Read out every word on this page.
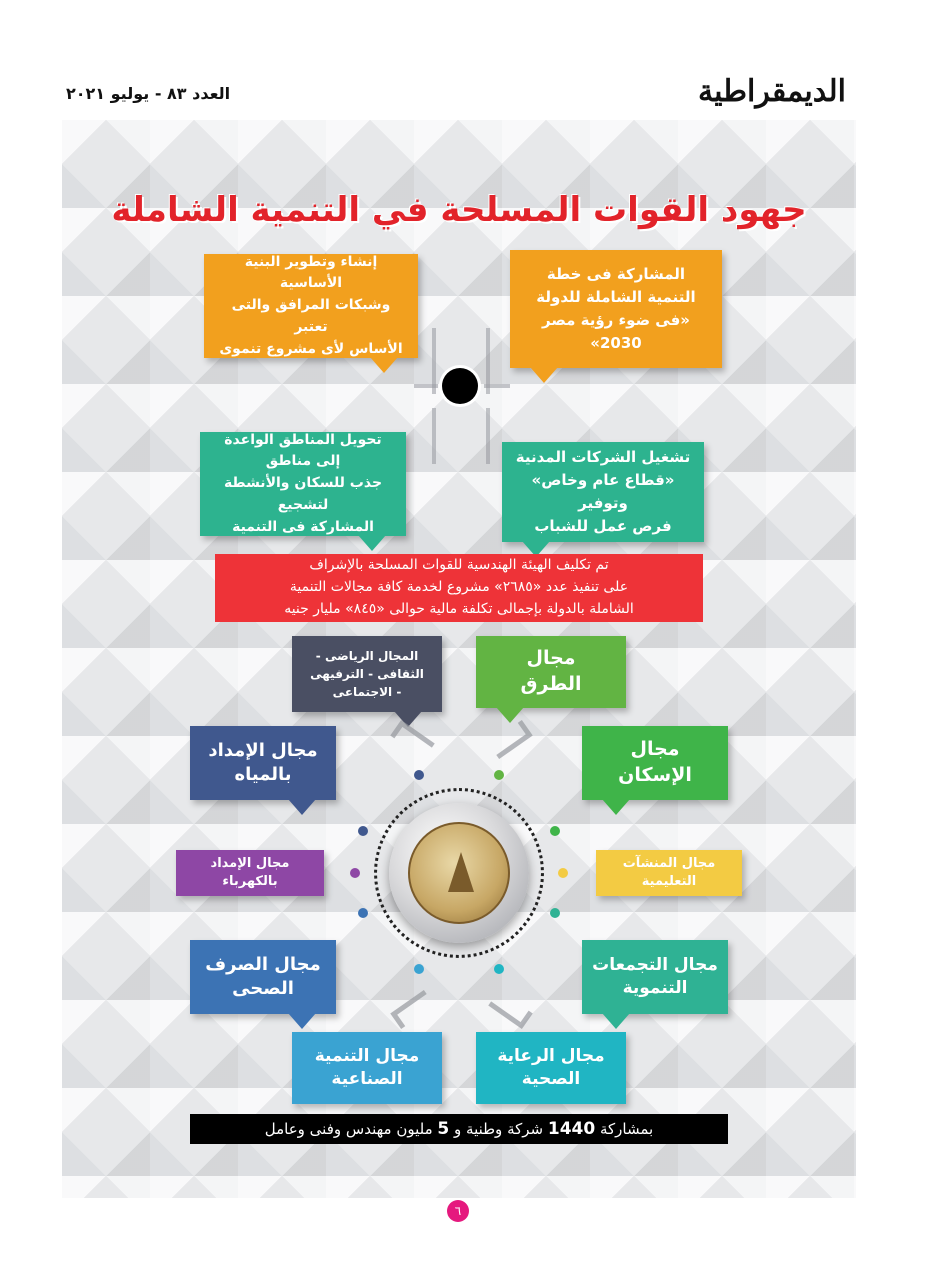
الديمقراطية
العدد ٨٣ - يوليو ٢٠٢١
جهود القوات المسلحة في التنمية الشاملة
إنشاء وتطوير البنية الأساسية
وشبكات المرافق والتى تعتبر
الأساس لأى مشروع تنموى
المشاركة فى خطة
التنمية الشاملة للدولة
«فى ضوء رؤية مصر 2030»
تحويل المناطق الواعدة إلى مناطق
جذب للسكان والأنشطة لتشجيع
المشاركة فى التنمية
تشغيل الشركات المدنية
«قطاع عام وخاص» وتوفير
فرص عمل للشباب
تم تكليف الهيئة الهندسية للقوات المسلحة بالإشراف
على تنفيذ عدد «٢٦٨٥» مشروع لخدمة كافة مجالات التنمية
الشاملة بالدولة بإجمالى تكلفة مالية حوالى «٨٤٥» مليار جنيه
المجال الرياضى -
الثقافى - الترفيهى
- الاجتماعى
مجال
الطرق
مجال الإمداد
بالمياه
مجال
الإسكان
مجال الإمداد
بالكهرباء
مجال المنشآت
التعليمية
مجال الصرف
الصحى
مجال التجمعات
التنموية
مجال التنمية
الصناعية
مجال الرعاية
الصحية
بمشاركة 1440 شركة وطنية و 5 مليون مهندس وفنى وعامل
٦
